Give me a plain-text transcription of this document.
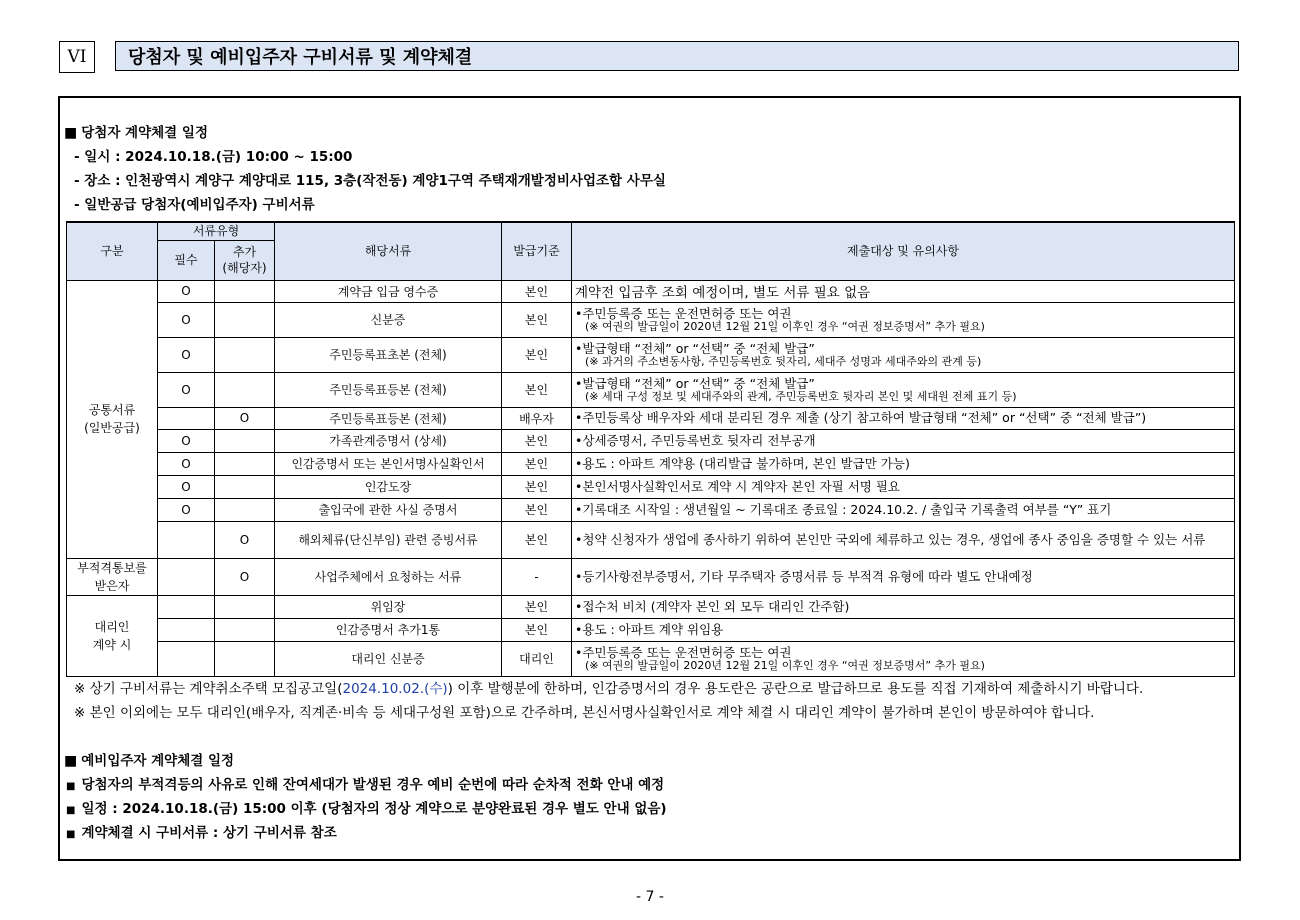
VI	당첨자 및 예비입주자 구비서류 및 계약체결
■ 당첨자 계약체결 일정
- 일시 : 2024.10.18.(금) 10:00 ~ 15:00
- 장소 : 인천광역시 계양구 계양대로 115, 3층(작전동) 계양1구역 주택재개발정비사업조합 사무실
- 일반공급 당첨자(예비입주자) 구비서류
구분	서류유형		해당서류	발급기준	제출대상 및 유의사항
	필수	추가
(해당자)			

공통서류
(일반공급)	O		계약금 입금 영수증	본인	계약전 입금후 조회 예정이며, 별도 서류 필요 없음
	O		신분증	본인	•주민등록증 또는 운전면허증 또는 여권
(※ 여권의 발급일이 2020년 12월 21일 이후인 경우 “여권 정보증명서” 추가 필요)

	O		주민등록표초본 (전체)	본인	•발급형태 “전체” or “선택” 중 “전체 발급”
(※ 과거의 주소변동사항, 주민등록번호 뒷자리, 세대주 성명과 세대주와의 관계 등)

	O		주민등록표등본 (전체)	본인	•발급형태 “전체” or “선택” 중 “전체 발급”
(※ 세대 구성 정보 및 세대주와의 관계, 주민등록번호 뒷자리 본인 및 세대원 전체 표기 등)

		O	주민등록표등본 (전체)	배우자	•주민등록상 배우자와 세대 분리된 경우 제출 (상기 참고하여 발급형태 “전체” or “선택” 중 “전체 발급”)

	O		가족관계증명서 (상세)	본인	•상세증명서, 주민등록번호 뒷자리 전부공개

	O		인감증명서 또는 본인서명사실확인서	본인	•용도 : 아파트 계약용 (대리발급 불가하며, 본인 발급만 가능)

	O		인감도장	본인	•본인서명사실확인서로 계약 시 계약자 본인 자필 서명 필요

	O		출입국에 관한 사실 증명서	본인	•기록대조 시작일 : 생년월일 ~ 기록대조 종료일 : 2024.10.2. / 출입국 기록출력 여부를 “Y” 표기

		O	해외체류(단신부임) 관련 증빙서류	본인	•청약 신청자가 생업에 종사하기 위하여 본인만 국외에 체류하고 있는 경우, 생업에 종사 중임을 증명할 수 있는 서류

부적격통보를
받은자		O	사업주체에서 요청하는 서류	-	•등기사항전부증명서, 기타 무주택자 증명서류 등 부적격 유형에 따라 별도 안내예정

대리인
계약 시			위임장	본인	•접수처 비치 (계약자 본인 외 모두 대리인 간주함)

			인감증명서 추가1통	본인	•용도 : 아파트 계약 위임용

			대리인 신분증	대리인	•주민등록증 또는 운전면허증 또는 여권
(※ 여권의 발급일이 2020년 12월 21일 이후인 경우 “여권 정보증명서” 추가 필요)
※ 상기 구비서류는 계약취소주택 모집공고일(2024.10.02.(수)) 이후 발행분에 한하며, 인감증명서의 경우 용도란은 공란으로 발급하므로 용도를 직접 기재하여 제출하시기 바랍니다.
※ 본인 이외에는 모두 대리인(배우자, 직계존·비속 등 세대구성원 포함)으로 간주하며, 본신서명사실확인서로 계약 체결 시 대리인 계약이 불가하며 본인이 방문하여야 합니다.
■ 예비입주자 계약체결 일정
■ 당첨자의 부적격등의 사유로 인해 잔여세대가 발생된 경우 예비 순번에 따라 순차적 전화 안내 예정
■ 일정 : 2024.10.18.(금) 15:00 이후 (당첨자의 정상 계약으로 분양완료된 경우 별도 안내 없음)
■ 계약체결 시 구비서류 : 상기 구비서류 참조
- 7 -
